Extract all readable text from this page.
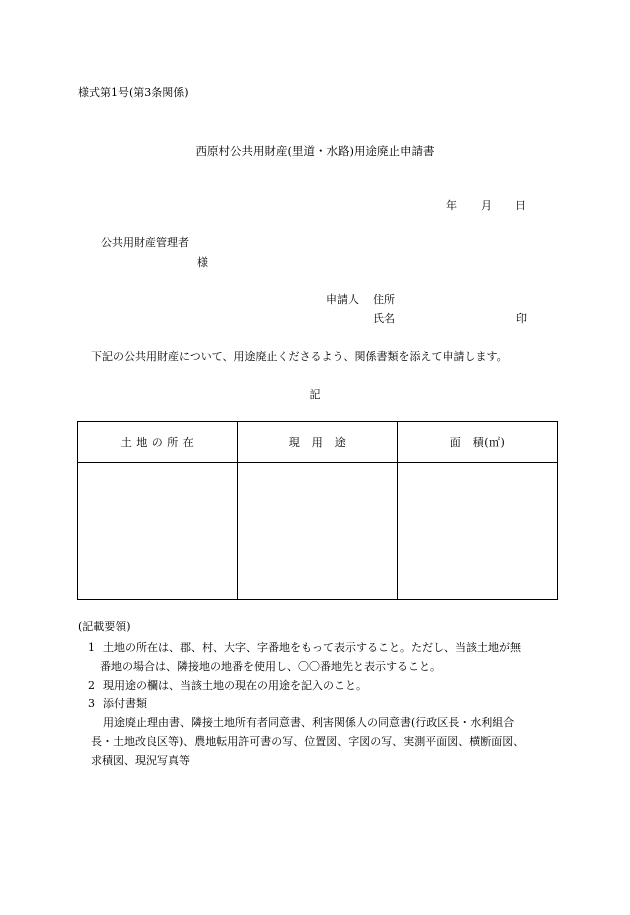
様式第1号(第3条関係)
西原村公共用財産(里道・水路)用途廃止申請書
年 月 日
公共用財産管理者
様
申請人 住所
氏名	印
下記の公共用財産について、用途廃止くださるよう、関係書類を添えて申請します。
記
土 地 の 所 在	現　用　途	面　積(㎡)

(記載要領)
1 土地の所在は、郡、村、大字、字番地をもって表示すること。ただし、当該土地が無
番地の場合は、隣接地の地番を使用し、〇〇番地先と表示すること。
2 現用途の欄は、当該土地の現在の用途を記入のこと。
3 添付書類
用途廃止理由書、隣接土地所有者同意書、利害関係人の同意書(行政区長・水利組合
長・土地改良区等)、農地転用許可書の写、位置図、字図の写、実測平面図、横断面図、
求積図、現況写真等
